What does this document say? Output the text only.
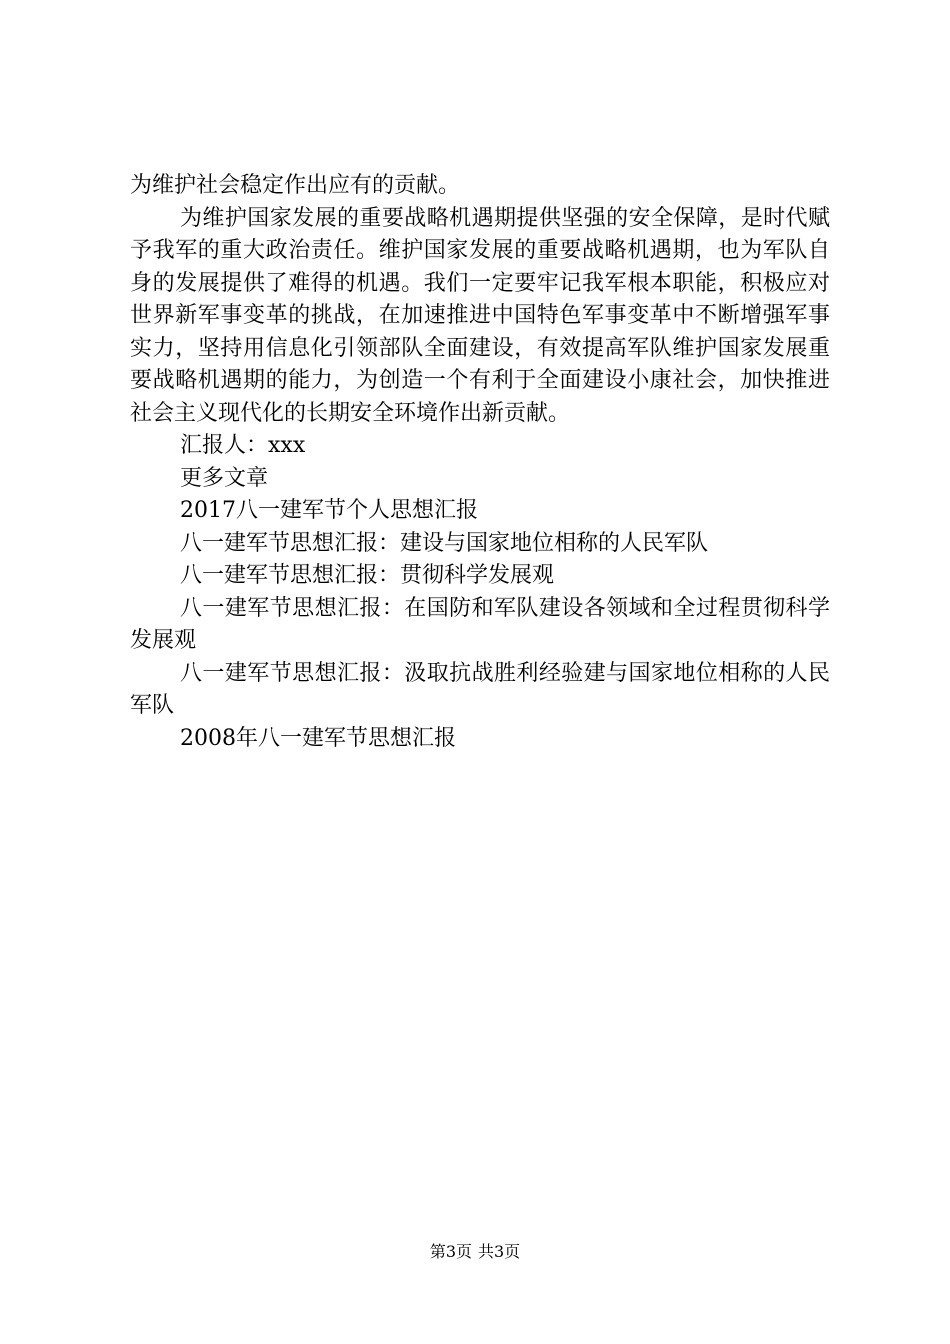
为维护社会稳定作出应有的贡献。

为维护国家发展的重要战略机遇期提供坚强的安全保障，是时代赋予我军的重大政治责任。维护国家发展的重要战略机遇期，也为军队自身的发展提供了难得的机遇。我们一定要牢记我军根本职能，积极应对世界新军事变革的挑战，在加速推进中国特色军事变革中不断增强军事实力，坚持用信息化引领部队全面建设，有效提高军队维护国家发展重要战略机遇期的能力，为创造一个有利于全面建设小康社会，加快推进社会主义现代化的长期安全环境作出新贡献。

汇报人：xxx

更多文章

2017八一建军节个人思想汇报

八一建军节思想汇报：建设与国家地位相称的人民军队

八一建军节思想汇报：贯彻科学发展观

八一建军节思想汇报：在国防和军队建设各领域和全过程贯彻科学发展观

八一建军节思想汇报：汲取抗战胜利经验建与国家地位相称的人民军队

2008年八一建军节思想汇报

第3页 共3页
